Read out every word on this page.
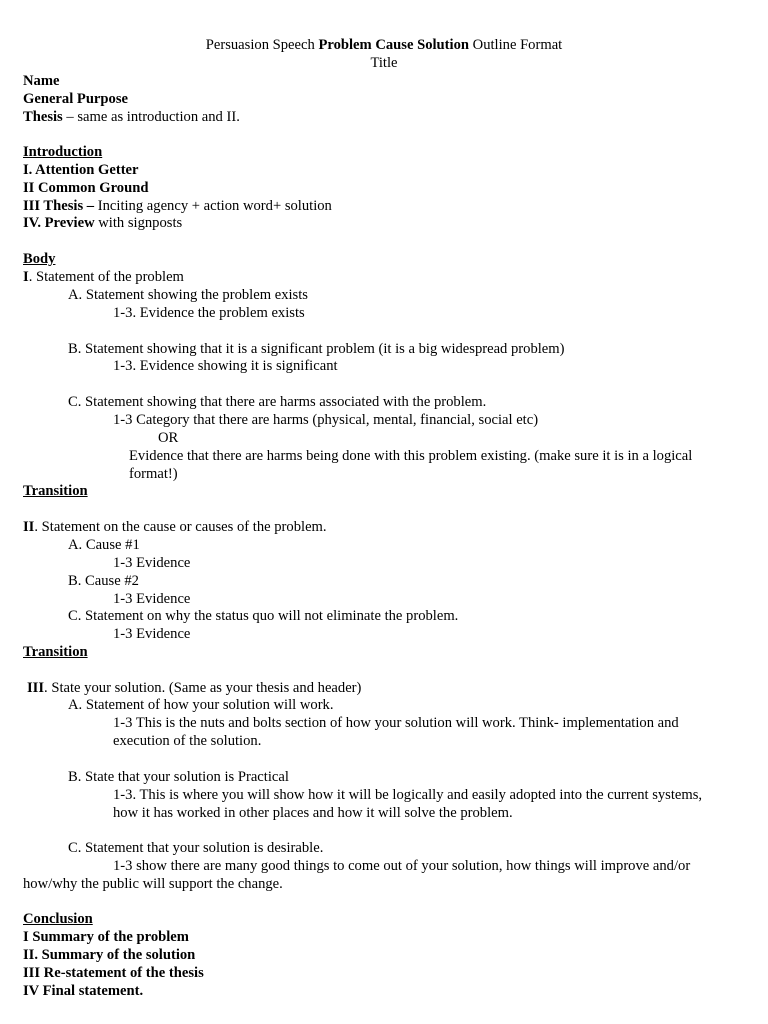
Persuasion Speech Problem Cause Solution Outline Format
Title
Name
General Purpose
Thesis – same as introduction and II.
Introduction
I. Attention Getter
II Common Ground
III Thesis – Inciting agency + action word+ solution
IV. Preview with signposts
Body
I. Statement of the problem
A. Statement showing the problem exists
1-3. Evidence the problem exists
B. Statement showing that it is a significant problem (it is a big widespread problem)
1-3. Evidence showing it is significant
C. Statement showing that there are harms associated with the problem.
1-3 Category that there are harms (physical, mental, financial, social etc)
OR
Evidence that there are harms being done with this problem existing. (make sure it is in a logical
format!)
Transition
II. Statement on the cause or causes of the problem.
A. Cause #1
1-3 Evidence
B. Cause #2
1-3 Evidence
C. Statement on why the status quo will not eliminate the problem.
1-3 Evidence
Transition
III. State your solution. (Same as your thesis and header)
A. Statement of how your solution will work.
1-3 This is the nuts and bolts section of how your solution will work. Think- implementation and
execution of the solution.
B. State that your solution is Practical
1-3. This is where you will show how it will be logically and easily adopted into the current systems,
how it has worked in other places and how it will solve the problem.
C. Statement that your solution is desirable.
1-3 show there are many good things to come out of your solution, how things will improve and/or
how/why the public will support the change.
Conclusion
I Summary of the problem
II. Summary of the solution
III Re-statement of the thesis
IV Final statement.
